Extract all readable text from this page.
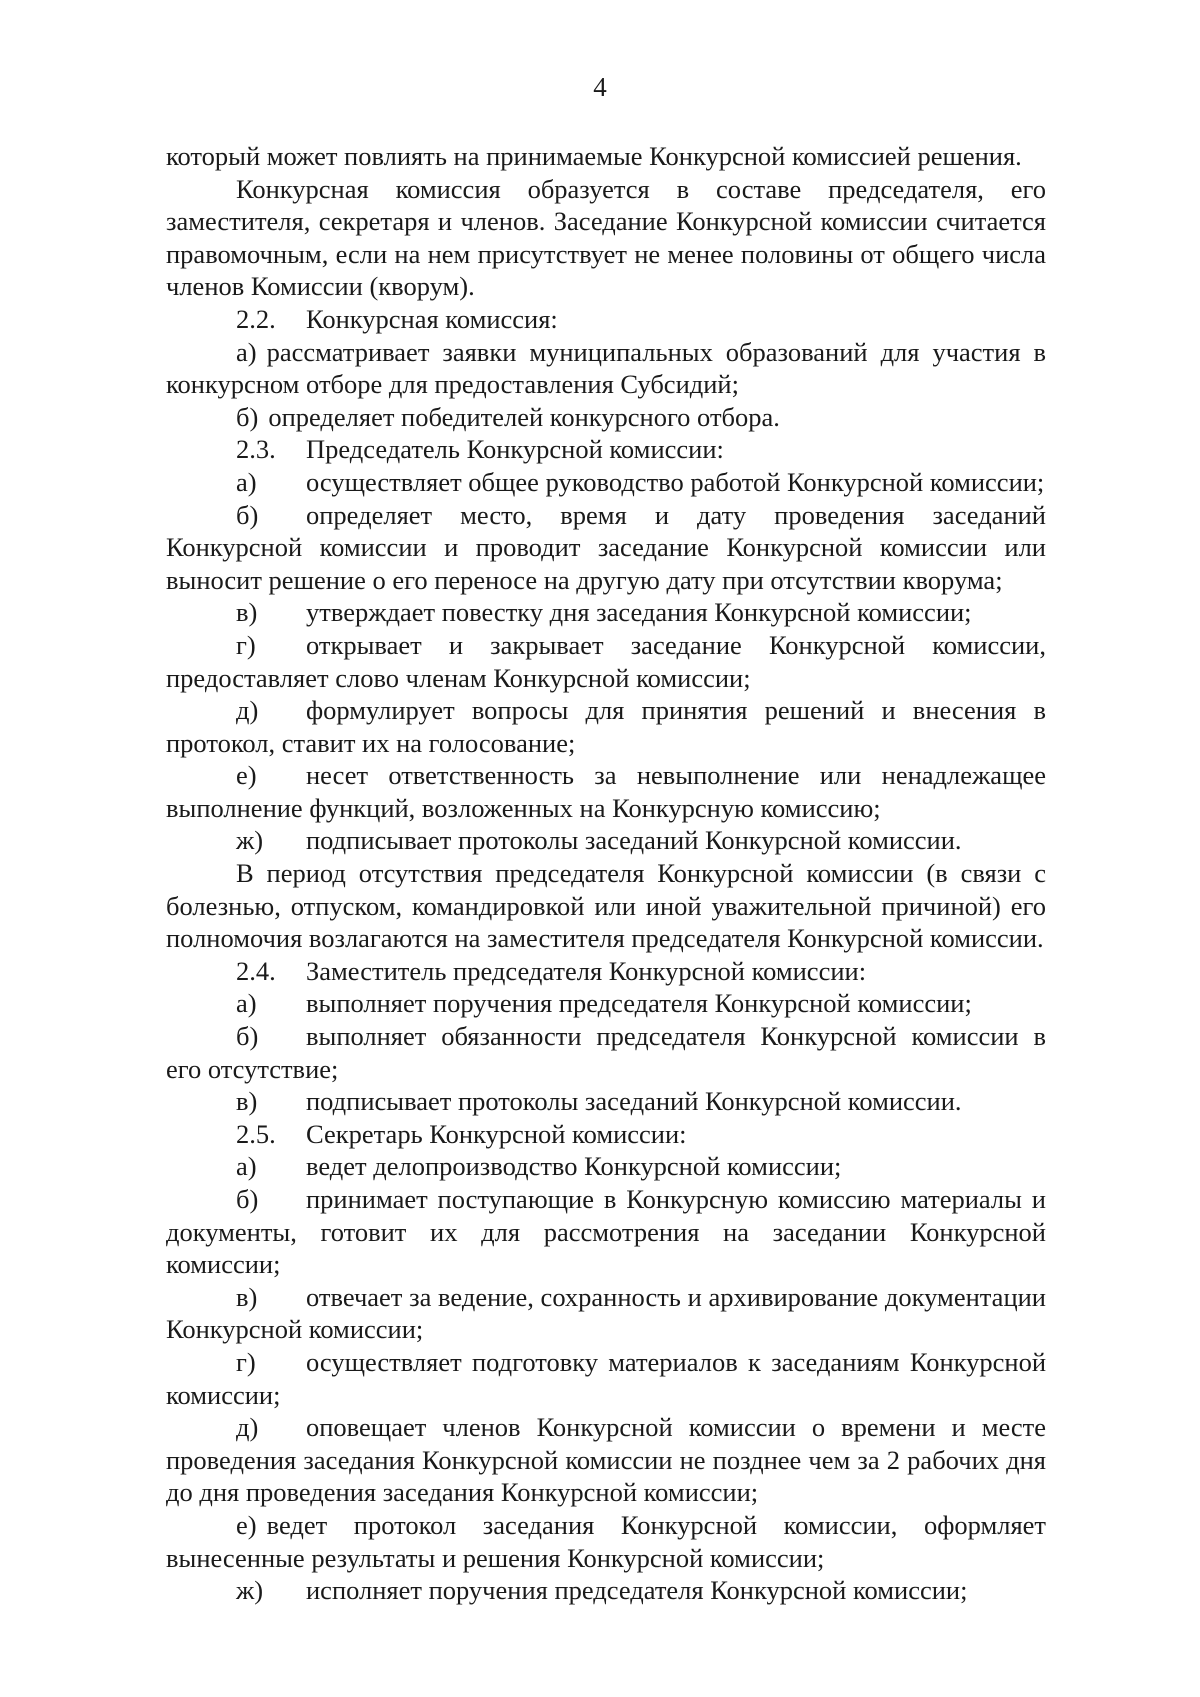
4

который может повлиять на принимаемые Конкурсной комиссией решения.

Конкурсная комиссия образуется в составе председателя, его заместителя, секретаря и членов. Заседание Конкурсной комиссии считается правомочным, если на нем присутствует не менее половины от общего числа членов Комиссии (кворум).

2.2. Конкурсная комиссия:

а) рассматривает заявки муниципальных образований для участия в конкурсном отборе для предоставления Субсидий;

б) определяет победителей конкурсного отбора.

2.3. Председатель Конкурсной комиссии:

а) осуществляет общее руководство работой Конкурсной комиссии;

б) определяет место, время и дату проведения заседаний Конкурсной комиссии и проводит заседание Конкурсной комиссии или выносит решение о его переносе на другую дату при отсутствии кворума;

в) утверждает повестку дня заседания Конкурсной комиссии;

г) открывает и закрывает заседание Конкурсной комиссии, предоставляет слово членам Конкурсной комиссии;

д) формулирует вопросы для принятия решений и внесения в протокол, ставит их на голосование;

е) несет ответственность за невыполнение или ненадлежащее выполнение функций, возложенных на Конкурсную комиссию;

ж) подписывает протоколы заседаний Конкурсной комиссии.

В период отсутствия председателя Конкурсной комиссии (в связи с болезнью, отпуском, командировкой или иной уважительной причиной) его полномочия возлагаются на заместителя председателя Конкурсной комиссии.

2.4. Заместитель председателя Конкурсной комиссии:

а) выполняет поручения председателя Конкурсной комиссии;

б) выполняет обязанности председателя Конкурсной комиссии в его отсутствие;

в) подписывает протоколы заседаний Конкурсной комиссии.

2.5. Секретарь Конкурсной комиссии:

а) ведет делопроизводство Конкурсной комиссии;

б) принимает поступающие в Конкурсную комиссию материалы и документы, готовит их для рассмотрения на заседании Конкурсной комиссии;

в) отвечает за ведение, сохранность и архивирование документации Конкурсной комиссии;

г) осуществляет подготовку материалов к заседаниям Конкурсной комиссии;

д) оповещает членов Конкурсной комиссии о времени и месте проведения заседания Конкурсной комиссии не позднее чем за 2 рабочих дня до дня проведения заседания Конкурсной комиссии;

е) ведет протокол заседания Конкурсной комиссии, оформляет вынесенные результаты и решения Конкурсной комиссии;

ж) исполняет поручения председателя Конкурсной комиссии;
